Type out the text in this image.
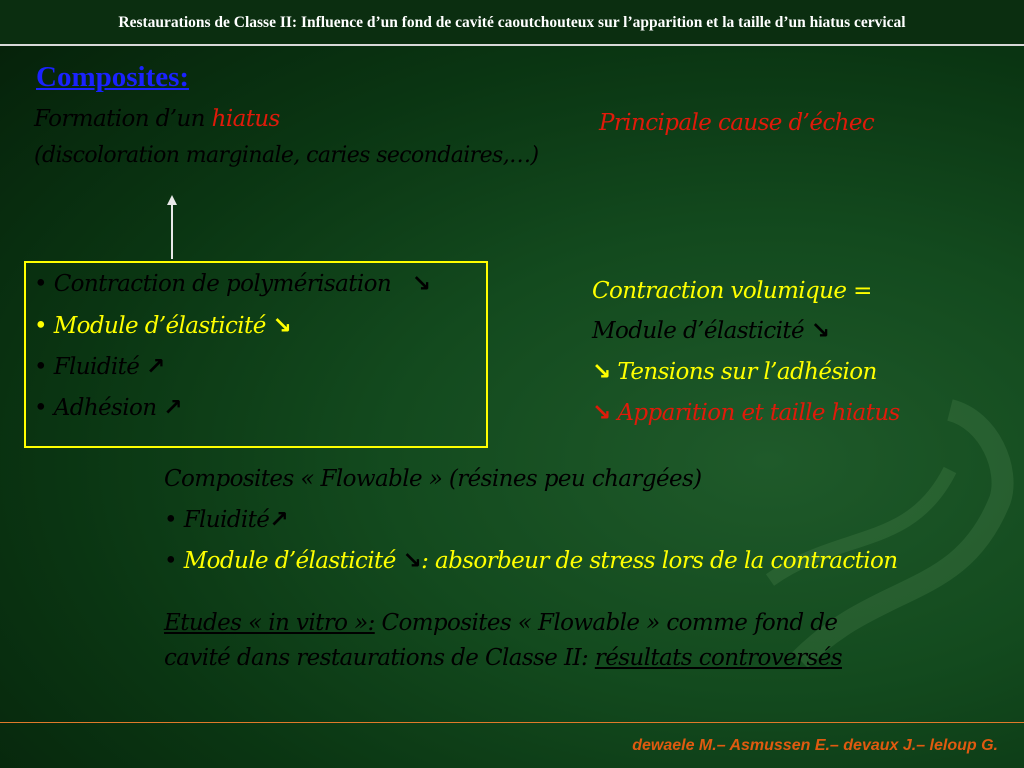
Restaurations de Classe II: Influence d’un fond de cavité caoutchouteux sur l’apparition et la taille d’un hiatus cervical
Composites:
Formation d’un hiatus
(discoloration marginale, caries secondaires,…)
Principale cause d’échec
• Contraction de polymérisation ↘
• Module d’élasticité ↘
• Fluidité ↗
• Adhésion ↗
Contraction volumique =
Module d’élasticité ↘
↘ Tensions sur l’adhésion
↘ Apparition et taille hiatus
Composites « Flowable » (résines peu chargées)
• Fluidité↗
• Module d’élasticité ↘: absorbeur de stress lors de la contraction
Etudes « in vitro »: Composites « Flowable » comme fond de
cavité dans restaurations de Classe II: résultats controversés
dewaele M.– Asmussen E.– devaux J.– leloup G.
